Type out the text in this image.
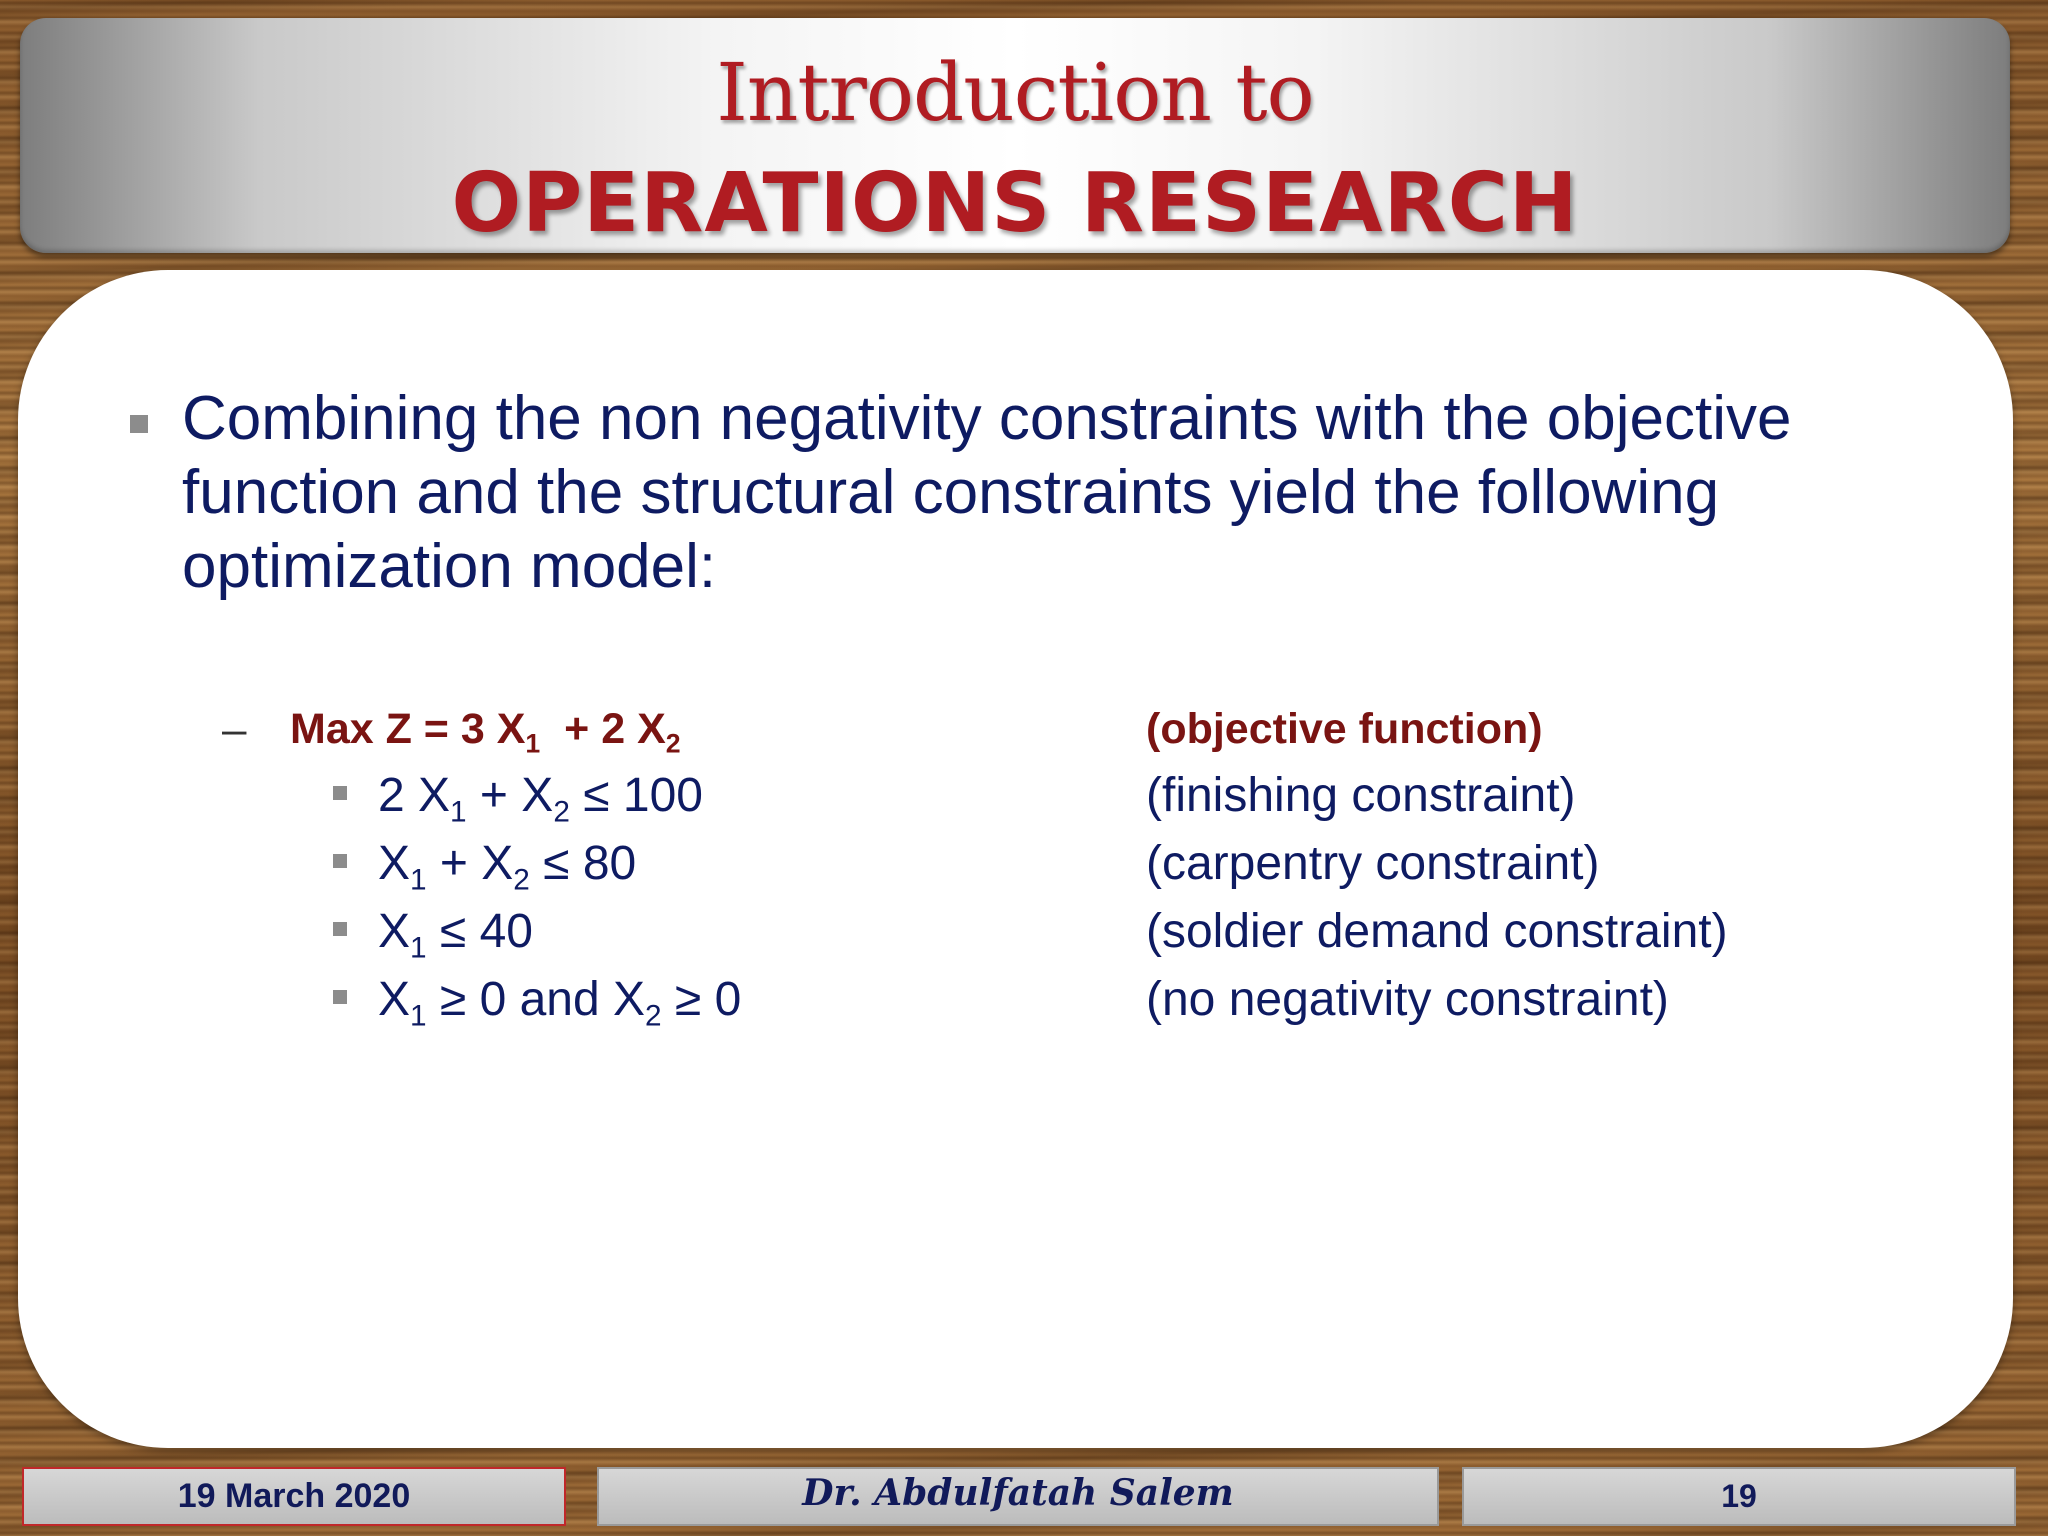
Introduction to
OPERATIONS RESEARCH
Combining the non negativity constraints with the objective function and the structural constraints yield the following optimization model:
– Max Z = 3 $X_1 + 2$ $X_2$	(objective function)
2 $X_1 + X_2 \le 100$	(finishing constraint)
$X_1 + X_2 \le 80$	(carpentry constraint)
$X_1 \le 40$	(soldier demand constraint)
$X_1 \ge 0$ and $X_2 \ge 0$	(no negativity constraint)
19 March 2020	Dr. Abdulfatah Salem	19
